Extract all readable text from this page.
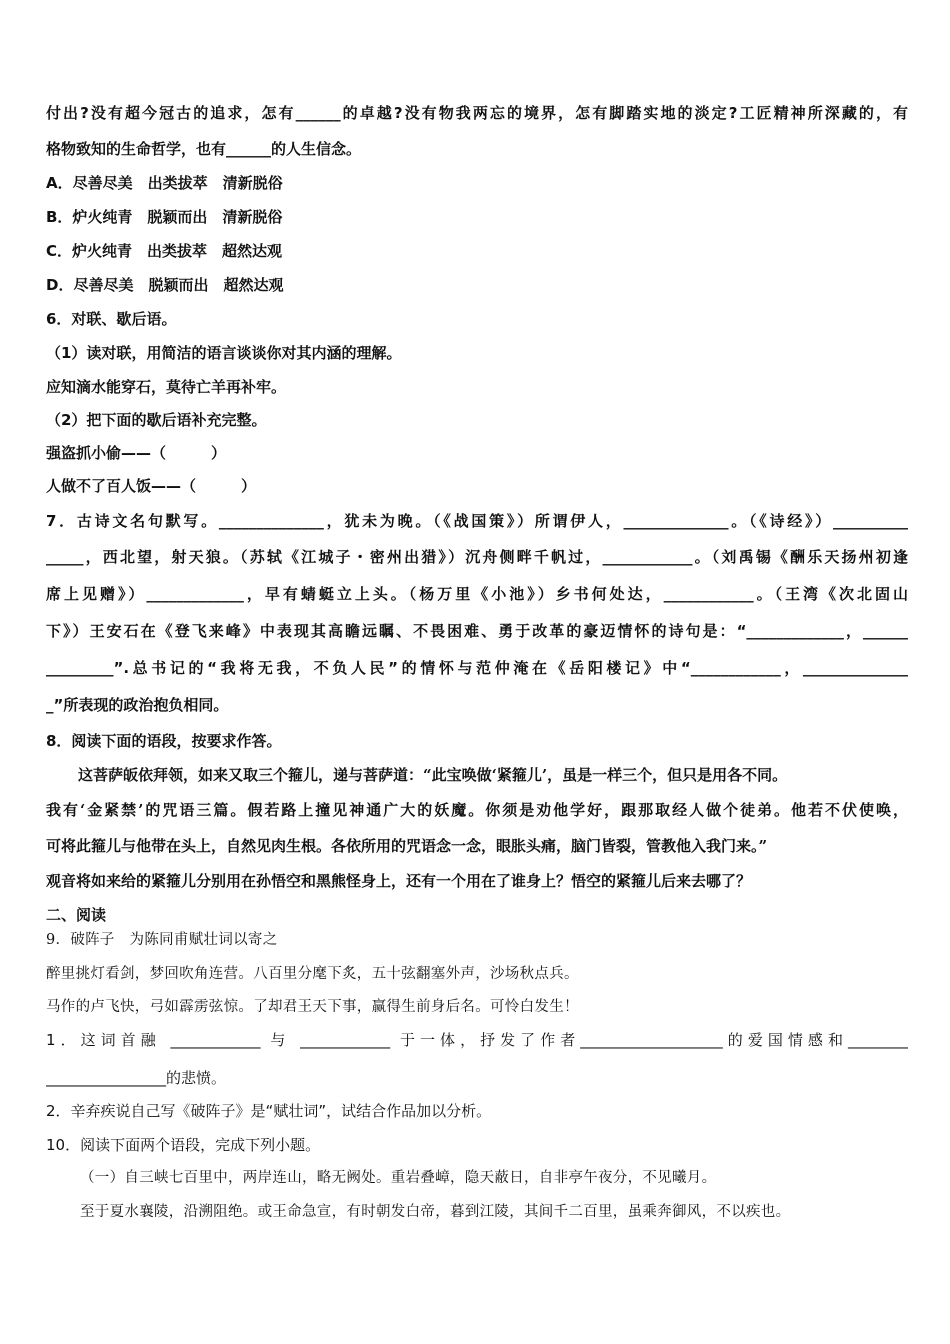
付出?没有超今冠古的追求，怎有______的卓越?没有物我两忘的境界，怎有脚踏实地的淡定?工匠精神所深藏的，有
格物致知的生命哲学，也有______的人生信念。
A．尽善尽美　出类拔萃　清新脱俗
B．炉火纯青　脱颖而出　清新脱俗
C．炉火纯青　出类拔萃　超然达观
D．尽善尽美　脱颖而出　超然达观
6．对联、歇后语。
（1）读对联，用简洁的语言谈谈你对其内涵的理解。
应知滴水能穿石，莫待亡羊再补牢。
（2）把下面的歇后语补充完整。
强盗抓小偷——（　　　）
人做不了百人饭——（　　　）
7．古诗文名句默写。______________，犹未为晚。（《战国策》）所谓伊人，______________。（《诗经》）__________
_____，西北望，射天狼。（苏轼《江城子・密州出猎》）沉舟侧畔千帆过，____________。（刘禹锡《酬乐天扬州初逢
席上见赠》）_____________，早有蜻蜓立上头。（杨万里《小池》）乡书何处达，____________。（王湾《次北固山
下》）王安石在《登飞来峰》中表现其高瞻远瞩、不畏困难、勇于改革的豪迈情怀的诗句是：“_____________，______
_________”.总书记的“我将无我，不负人民”的情怀与范仲淹在《岳阳楼记》中“____________，______________
_”所表现的政治抱负相同。
8．阅读下面的语段，按要求作答。
这菩萨皈依拜领，如来又取三个箍儿，递与菩萨道：“此宝唤做‘紧箍儿’，虽是一样三个，但只是用各不同。
我有‘金紧禁’的咒语三篇。假若路上撞见神通广大的妖魔。你须是劝他学好，跟那取经人做个徒弟。他若不伏使唤，
可将此箍儿与他带在头上，自然见肉生根。各依所用的咒语念一念，眼胀头痛，脑门皆裂，管教他入我门来。”
观音将如来给的紧箍儿分别用在孙悟空和黑熊怪身上，还有一个用在了谁身上？悟空的紧箍儿后来去哪了？
二、阅读
9．破阵子　为陈同甫赋壮词以寄之
醉里挑灯看剑，梦回吹角连营。八百里分麾下炙，五十弦翻塞外声，沙场秋点兵。
马作的卢飞快，弓如霹雳弦惊。了却君王天下事，赢得生前身后名。可怜白发生！
1．这词首融 ____________ 与 ____________ 于一体，抒发了作者___________________的爱国情感和________
________________的悲愤。
2．辛弃疾说自己写《破阵子》是“赋壮词”，试结合作品加以分析。
10．阅读下面两个语段，完成下列小题。
（一）自三峡七百里中，两岸连山，略无阙处。重岩叠嶂，隐天蔽日，自非亭午夜分，不见曦月。
至于夏水襄陵，沿溯阻绝。或王命急宣，有时朝发白帝，暮到江陵，其间千二百里，虽乘奔御风，不以疾也。
